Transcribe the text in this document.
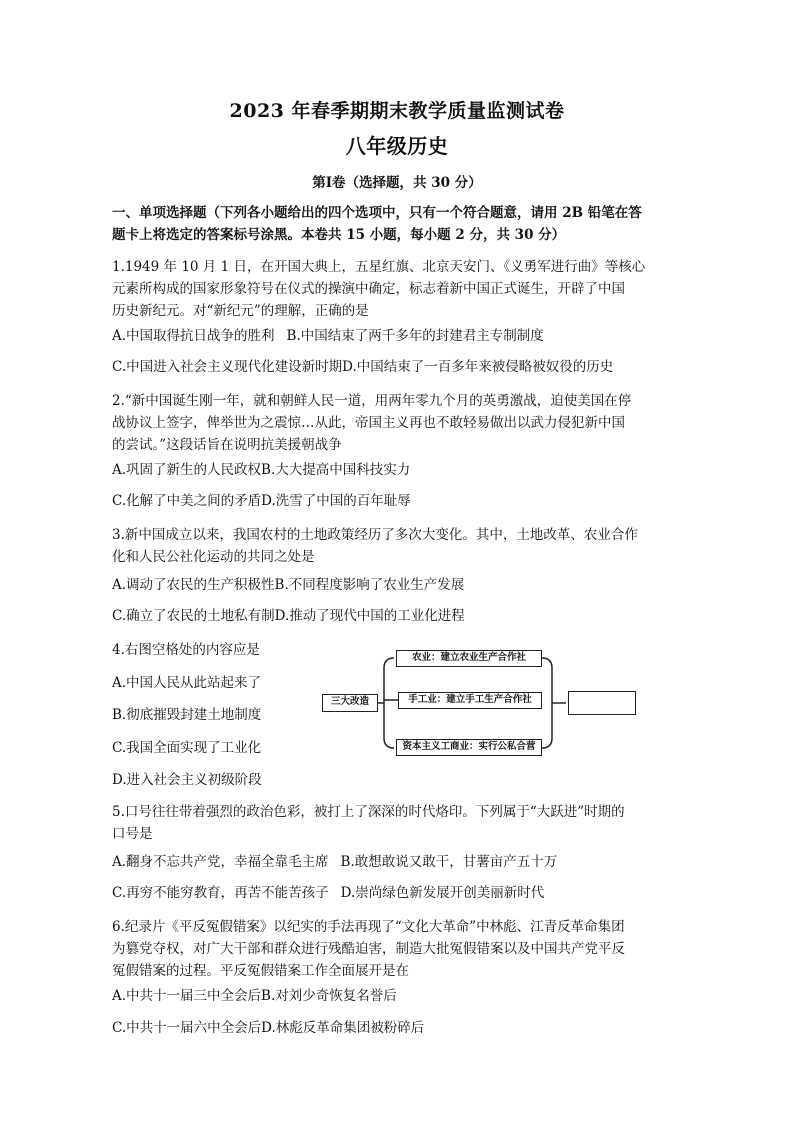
2023 年春季期期末教学质量监测试卷
八年级历史
第Ⅰ卷（选择题，共 30 分）
一、单项选择题（下列各小题给出的四个选项中，只有一个符合题意，请用 2B 铅笔在答
题卡上将选定的答案标号涂黑。本卷共 15 小题，每小题 2 分，共 30 分）
1.1949 年 10 月 1 日，在开国大典上，五星红旗、北京天安门、《义勇军进行曲》等核心
元素所构成的国家形象符号在仪式的操演中确定，标志着新中国正式诞生，开辟了中国
历史新纪元。对“新纪元”的理解，正确的是
A.中国取得抗日战争的胜利 B.中国结束了两千多年的封建君主专制制度
C.中国进入社会主义现代化建设新时期D.中国结束了一百多年来被侵略被奴役的历史
2.“新中国诞生刚一年，就和朝鲜人民一道，用两年零九个月的英勇激战，迫使美国在停
战协议上签字，俾举世为之震惊…从此，帝国主义再也不敢轻易做出以武力侵犯新中国
的尝试。”这段话旨在说明抗美援朝战争
A.巩固了新生的人民政权B.大大提高中国科技实力
C.化解了中美之间的矛盾D.洗雪了中国的百年耻辱
3.新中国成立以来，我国农村的土地政策经历了多次大变化。其中，土地改革、农业合作
化和人民公社化运动的共同之处是
A.调动了农民的生产积极性B.不同程度影响了农业生产发展
C.确立了农民的土地私有制D.推动了现代中国的工业化进程
4.右图空格处的内容应是
A.中国人民从此站起来了
B.彻底摧毁封建土地制度
C.我国全面实现了工业化
D.进入社会主义初级阶段
三大改造
农业：建立农业生产合作社
手工业：建立手工生产合作社
资本主义工商业：实行公私合营
5.口号往往带着强烈的政治色彩，被打上了深深的时代烙印。下列属于“大跃进”时期的
口号是
A.翻身不忘共产党，幸福全靠毛主席 B.敢想敢说又敢干，甘薯亩产五十万
C.再穷不能穷教育，再苦不能苦孩子 D.崇尚绿色新发展开创美丽新时代
6.纪录片《平反冤假错案》以纪实的手法再现了“文化大革命”中林彪、江青反革命集团
为篡党夺权，对广大干部和群众进行残酷迫害，制造大批冤假错案以及中国共产党平反
冤假错案的过程。平反冤假错案工作全面展开是在
A.中共十一届三中全会后B.对刘少奇恢复名誉后
C.中共十一届六中全会后D.林彪反革命集团被粉碎后
